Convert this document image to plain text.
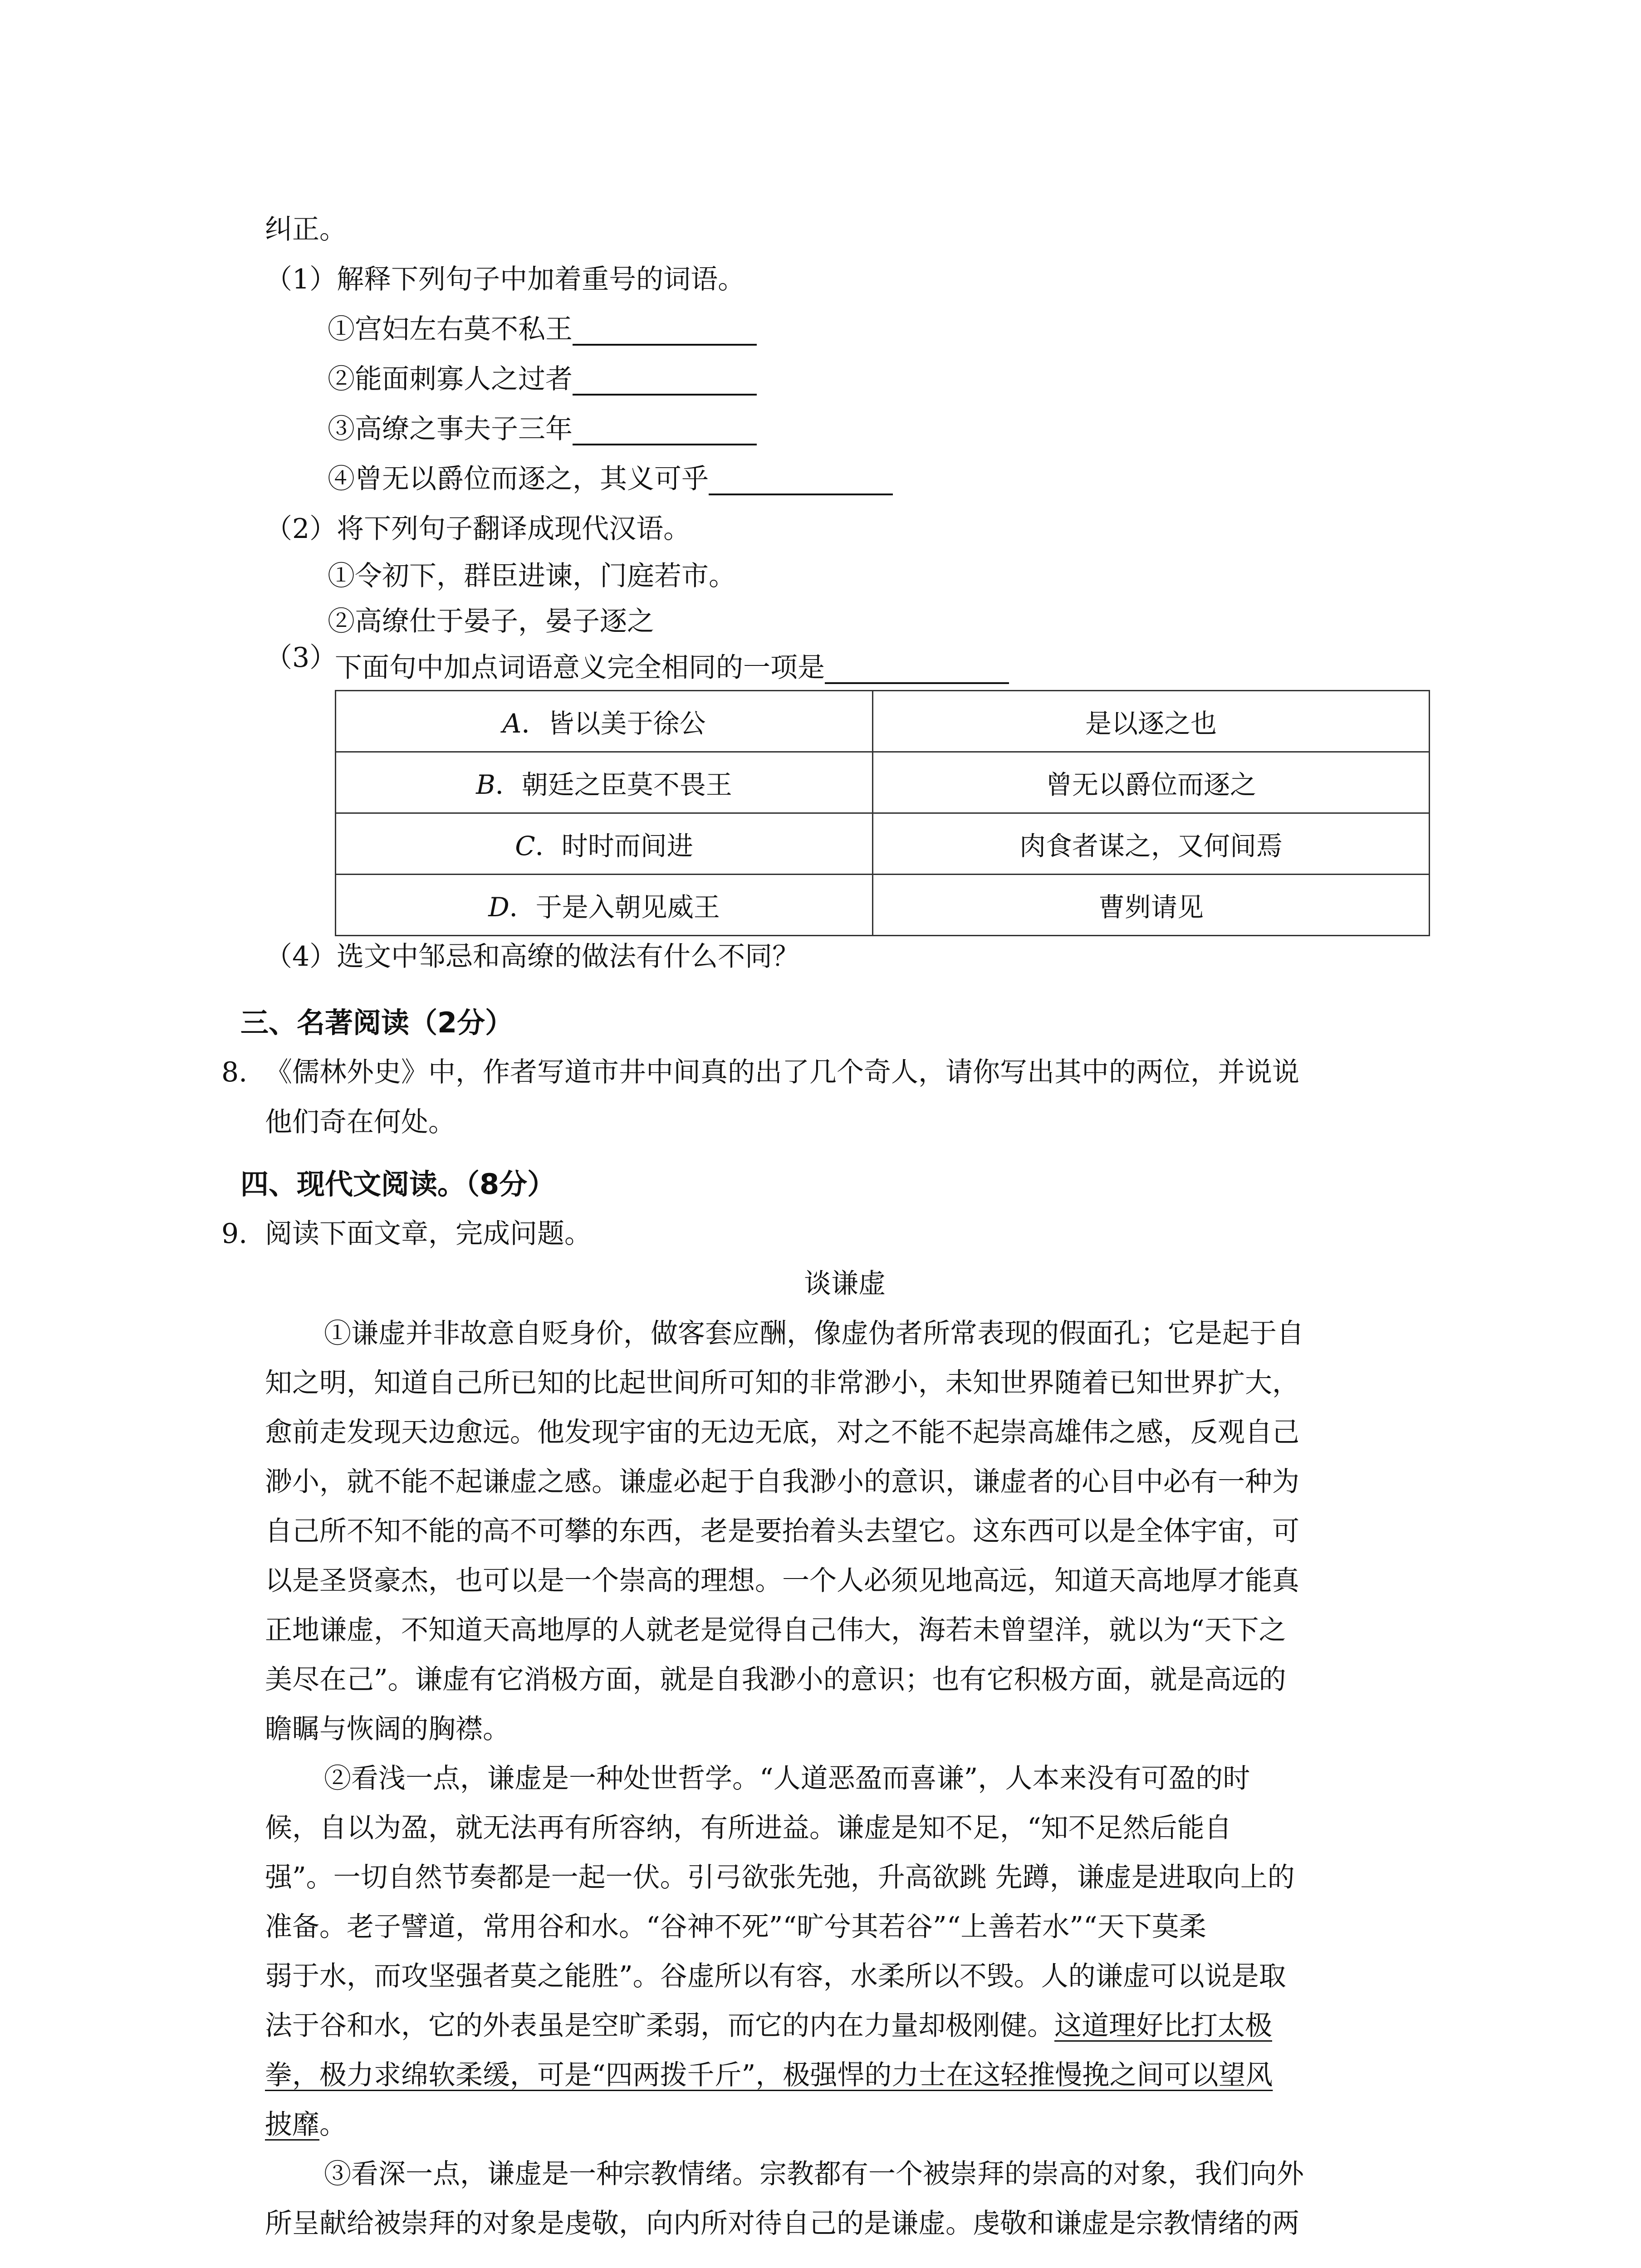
纠正。
（1）解释下列句子中加着重号的词语。
①宫妇左右莫不私王
②能面刺寡人之过者
③高缭之事夫子三年
④曾无以爵位而逐之，其义可乎
（2）将下列句子翻译成现代汉语。
①令初下，群臣进谏，门庭若市。
②高缭仕于晏子，晏子逐之
（3）
下面句中加点词语意义完全相同的一项是
A．皆以美于徐公	是以逐之也
B．朝廷之臣莫不畏王	曾无以爵位而逐之
C．时时而间进	肉食者谋之，又何间焉
D．于是入朝见威王	曹刿请见
（4）选文中邹忌和高缭的做法有什么不同？
三、名著阅读（2分）
8. 《儒林外史》中，作者写道市井中间真的出了几个奇人，请你写出其中的两位，并说说
他们奇在何处。
四、现代文阅读。（8分）
9. 阅读下面文章，完成问题。
谈谦虚
①谦虚并非故意自贬身价，做客套应酬，像虚伪者所常表现的假面孔；它是起于自
知之明，知道自己所已知的比起世间所可知的非常渺小，未知世界随着已知世界扩大，
愈前走发现天边愈远。他发现宇宙的无边无底，对之不能不起崇高雄伟之感，反观自己
渺小，就不能不起谦虚之感。谦虚必起于自我渺小的意识，谦虚者的心目中必有一种为
自己所不知不能的高不可攀的东西，老是要抬着头去望它。这东西可以是全体宇宙，可
以是圣贤豪杰，也可以是一个崇高的理想。一个人必须见地高远，知道天高地厚才能真
正地谦虚，不知道天高地厚的人就老是觉得自己伟大，海若未曾望洋，就以为“天下之
美尽在己”。谦虚有它消极方面，就是自我渺小的意识；也有它积极方面，就是高远的
瞻瞩与恢阔的胸襟。
②看浅一点，谦虚是一种处世哲学。“人道恶盈而喜谦”，人本来没有可盈的时
候，自以为盈，就无法再有所容纳，有所进益。谦虚是知不足，“知不足然后能自
强”。一切自然节奏都是一起一伏。引弓欲张先弛，升高欲跳 先蹲，谦虚是进取向上的
准备。老子譬道，常用谷和水。“谷神不死”“旷兮其若谷”“上善若水”“天下莫柔
弱于水，而攻坚强者莫之能胜”。谷虚所以有容，水柔所以不毁。人的谦虚可以说是取
法于谷和水，它的外表虽是空旷柔弱，而它的内在力量却极刚健。这道理好比打太极
拳，极力求绵软柔缓，可是“四两拨千斤”，极强悍的力士在这轻推慢挽之间可以望风
披靡。
③看深一点，谦虚是一种宗教情绪。宗教都有一个被崇拜的崇高的对象，我们向外
所呈献给被崇拜的对象是虔敬，向内所对待自己的是谦虚。虔敬和谦虚是宗教情绪的两
